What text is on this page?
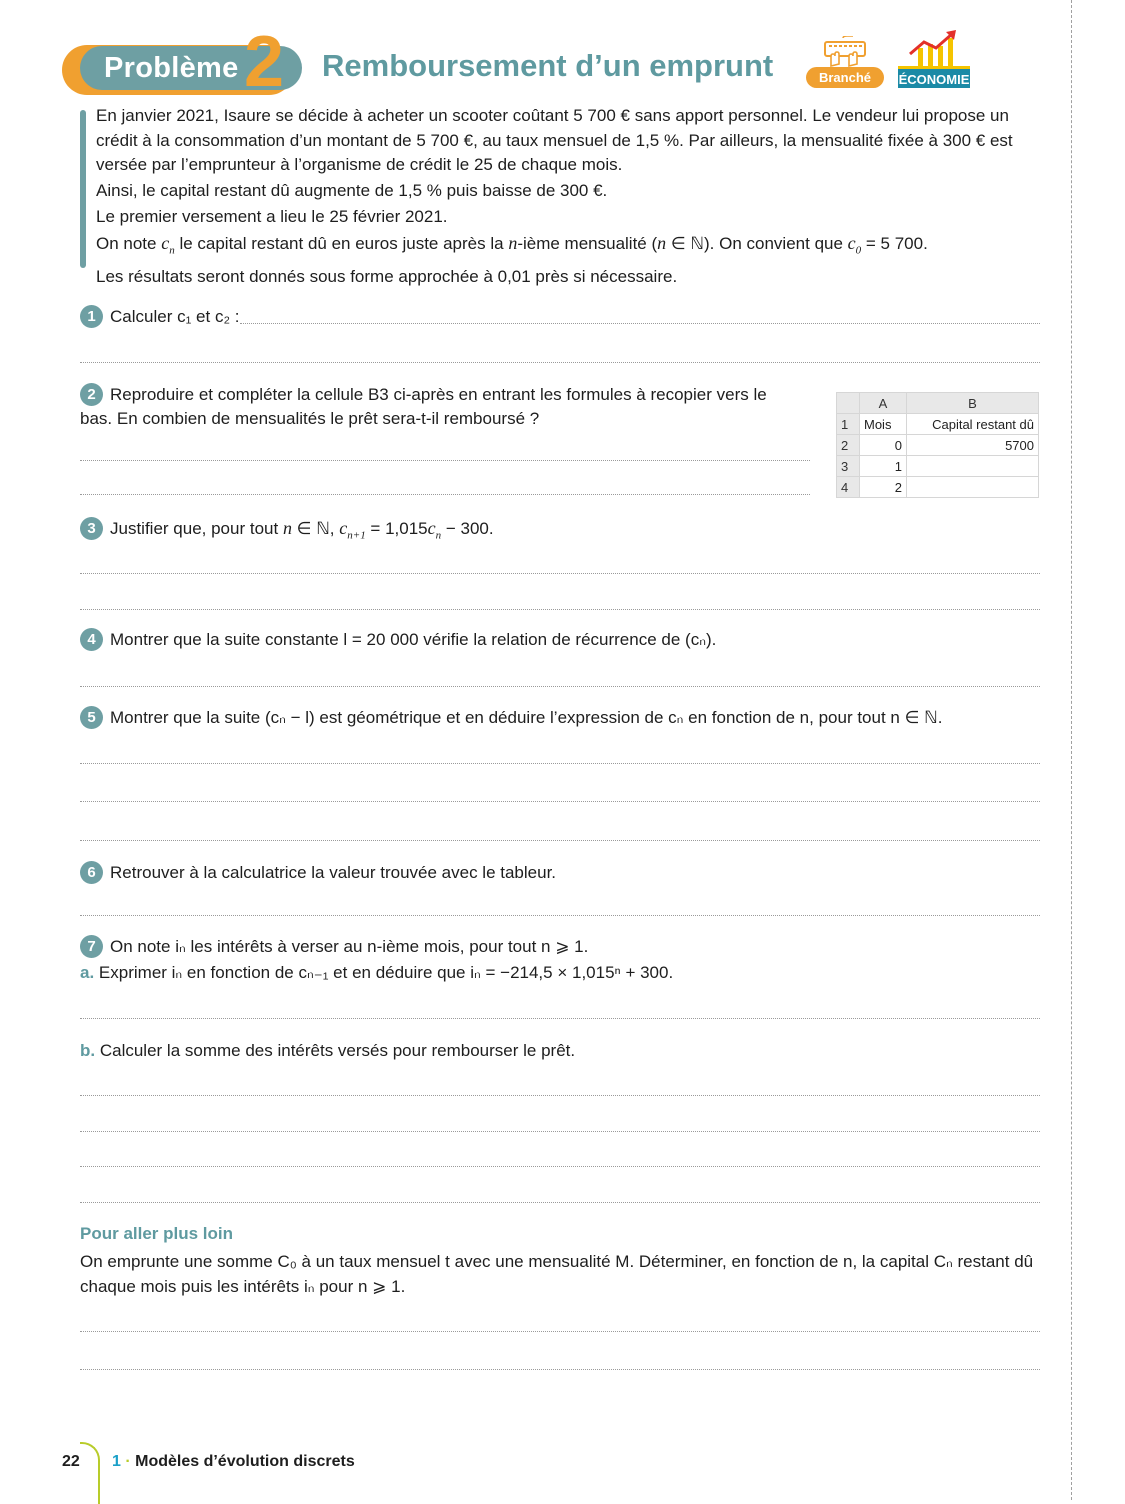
Problème 2 Remboursement d’un emprunt	Branché	ÉCONOMIE

En janvier 2021, Isaure se décide à acheter un scooter coûtant 5 700 € sans apport personnel. Le vendeur lui propose un crédit à la consommation d’un montant de 5 700 €, au taux mensuel de 1,5 %. Par ailleurs, la mensualité fixée à 300 € est versée par l’emprunteur à l’organisme de crédit le 25 de chaque mois.

Ainsi, le capital restant dû augmente de 1,5 % puis baisse de 300 €.

Le premier versement a lieu le 25 février 2021.

On note $c_n$ le capital restant dû en euros juste après la n-ième mensualité (n ∈ ℕ). On convient que $c_0 = 5$ 700.

Les résultats seront donnés sous forme approchée à 0,01 près si nécessaire.

1 Calculer c₁ et c₂ :
2 Reproduire et compléter la cellule B3 ci-après en entrant les formules à recopier vers le bas. En combien de mensualités le prêt sera-t-il remboursé ?
	A	B
1	Mois	Capital restant dû
2	0	5700
3	1	
4	2	
3 Justifier que, pour tout n ∈ ℕ, $c_{n+1} = 1,015c_n - 300$.
4 Montrer que la suite constante l = 20 000 vérifie la relation de récurrence de (cₙ).
5 Montrer que la suite (cₙ − l) est géométrique et en déduire l’expression de cₙ en fonction de n, pour tout n ∈ ℕ.
6 Retrouver à la calculatrice la valeur trouvée avec le tableur.
7 On note iₙ les intérêts à verser au n-ième mois, pour tout n ⩾ 1.
a. Exprimer iₙ en fonction de cₙ₋₁ et en déduire que iₙ = −214,5 × 1,015ⁿ + 300.
b. Calculer la somme des intérêts versés pour rembourser le prêt.
Pour aller plus loin
On emprunte une somme C₀ à un taux mensuel t avec une mensualité M. Déterminer, en fonction de n, la capital Cₙ restant dû chaque mois puis les intérêts iₙ pour n ⩾ 1.
22 1 · Modèles d’évolution discrets
